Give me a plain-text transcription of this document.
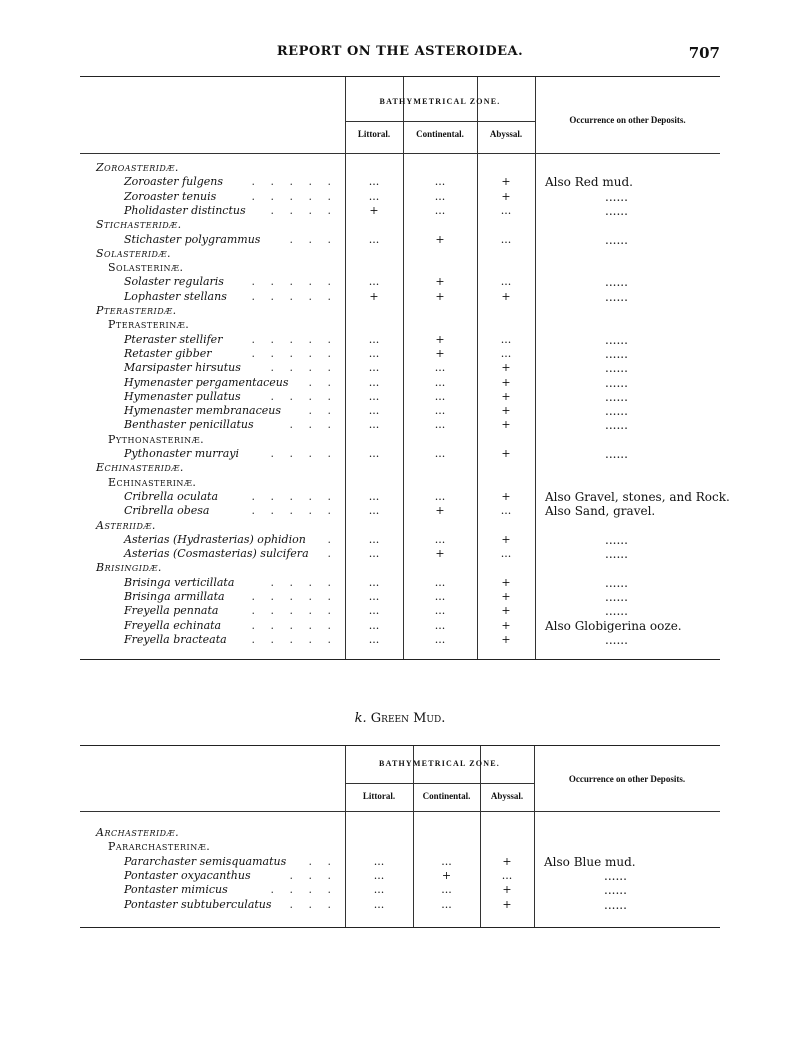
REPORT ON THE ASTEROIDEA.	707
BATHYMETRICAL ZONE.
Littoral.	Continental.	Abyssal.
Occurrence on other Deposits.
Zoroasteridæ.
Zoroaster fulgens	. . . . .	...	...	+	Also Red mud.
Zoroaster tenuis	. . . . .	...	...	+	......
Pholidaster distinctus . . . .	+	...	...	......
Stichasteridæ.
Stichaster polygrammus	. . .	...	+	...	......
Solasteridæ.
Solasterinæ.
Solaster regularis	. . . . .	...	+	...	......
Lophaster stellans . . . . .	+	+	+	......
Pterasteridæ.
Pterasterinæ.
Pteraster stellifer	. . . . .	...	+	...	......
Retaster gibber	. . . . .	...	+	...	......
Marsipaster hirsutus	. . . .	...	...	+	......
Hymenaster pergamentaceus . .	...	...	+	......
Hymenaster pullatus	. . . .	...	...	+	......
Hymenaster membranaceus	. .	...	...	+	......
Benthaster penicillatus	. . .	...	...	+	......
Pythonasterinæ.
Pythonaster murrayi	. . . .	...	...	+	......
Echinasteridæ.
Echinasterinæ.
Cribrella oculata	. . . . .	...	...	+	Also Gravel, stones, and Rock.
Cribrella obesa	. . . . .	...	+	...	Also Sand, gravel.
Asteriidæ.
Asterias (Hydrasterias) ophidion .	...	...	+	......
Asterias (Cosmasterias) sulcifera .	...	+	...	......
Brisingidæ.
Brisinga verticillata	. . . .	...	...	+	......
Brisinga armillata . . . . .	...	...	+	......
Freyella pennata	. . . . .	...	...	+	......
Freyella echinata	. . . . .	...	...	+	Also Globigerina ooze.
Freyella bracteata . . . . .	...	...	+	......
k. Green Mud.
BATHYMETRICAL ZONE.
Littoral.	Continental.	Abyssal.
Occurrence on other Deposits.
Archasteridæ.
Pararchasterinæ.
Pararchaster semisquamatus . .	...	...	+	Also Blue mud.
Pontaster oxyacanthus	. . .	...	+	...	......
Pontaster mimicus	. . . .	...	...	+	......
Pontaster subtuberculatus . . .	...	...	+	......
